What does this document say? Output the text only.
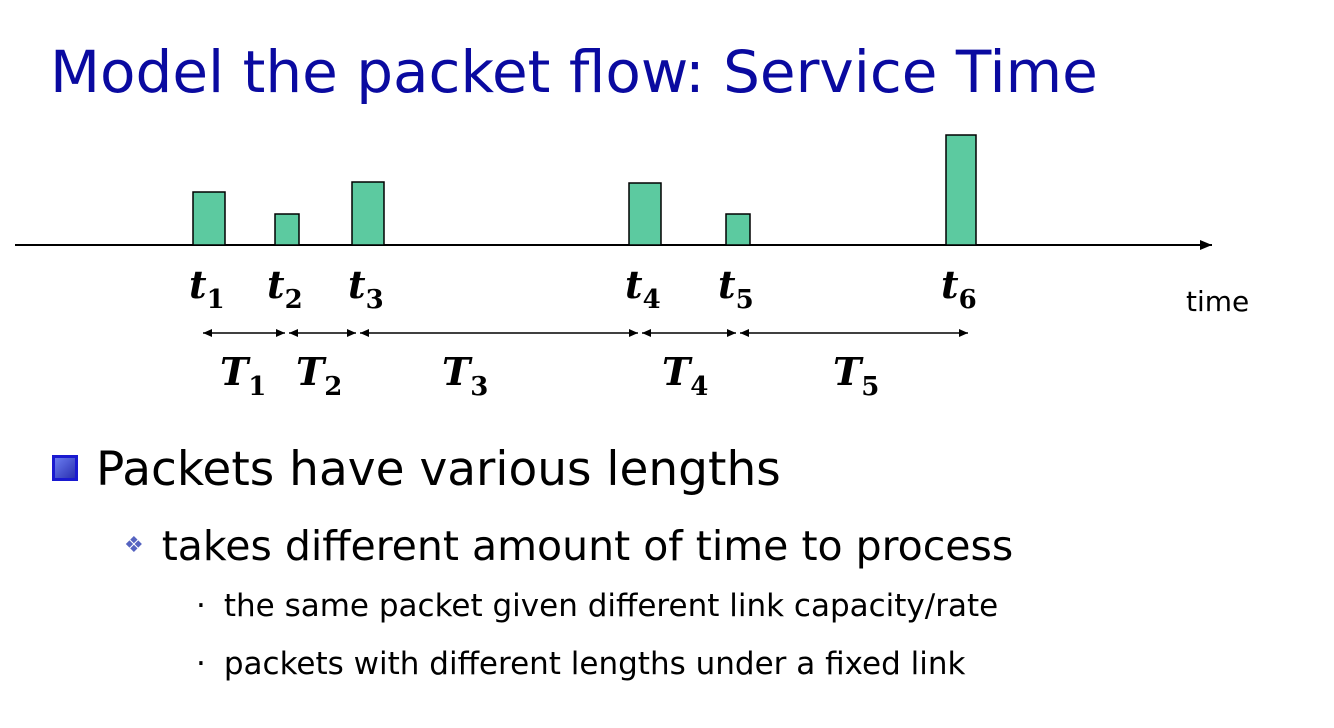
Model the packet flow: Service Time
$t_1$ $t_2$ $t_3$	$t_4$ $t_5$	$t_6$
$T_1$ $T_2$	$T_3$	$T_4$	$T_5$
time
Packets have various lengths
❖ takes different amount of time to process
· the same packet given different link capacity/rate
· packets with different lengths under a fixed link
